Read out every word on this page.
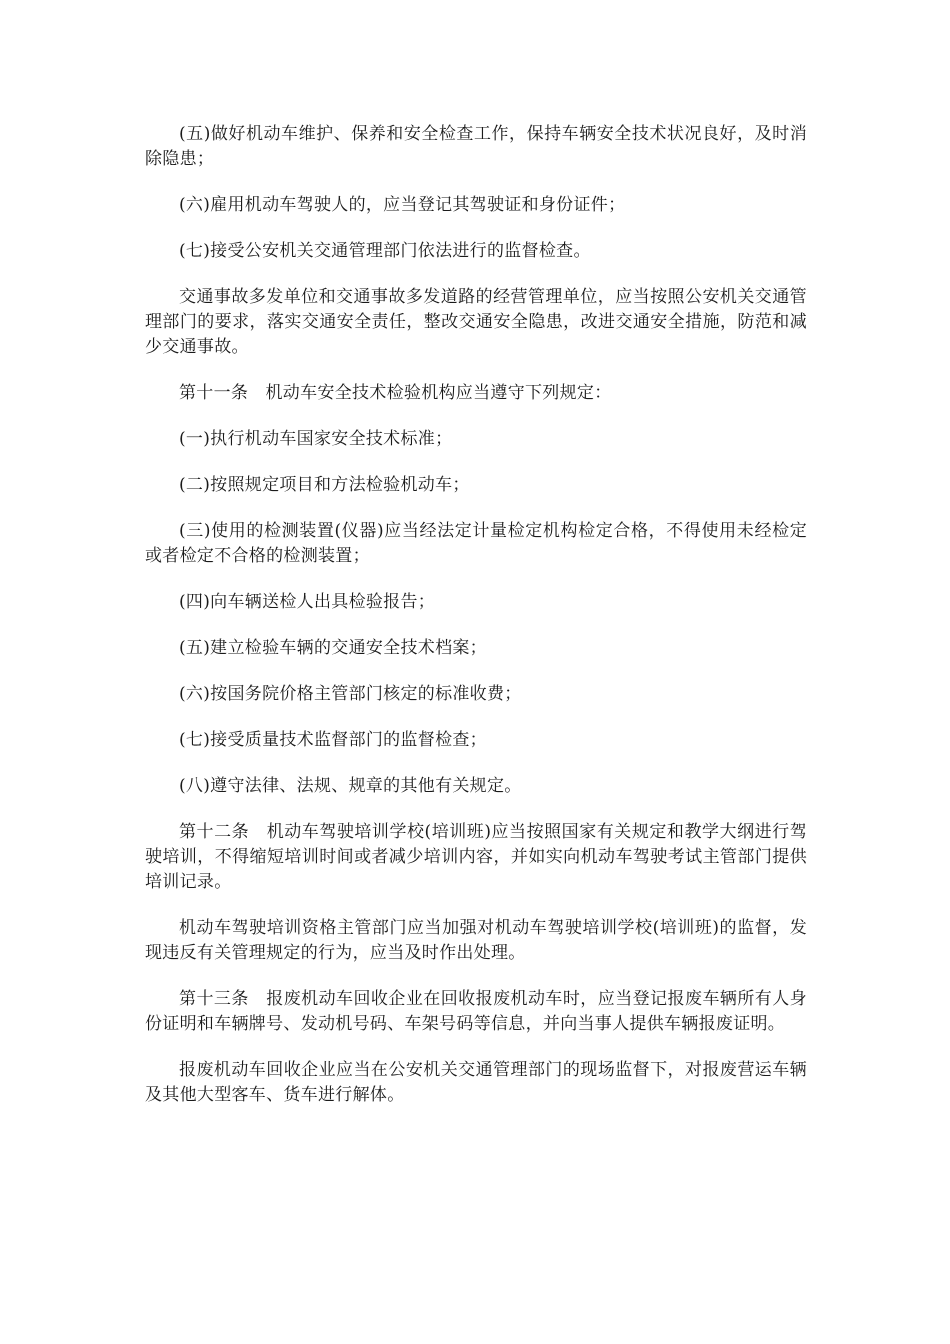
(五)做好机动车维护、保养和安全检查工作，保持车辆安全技术状况良好，及时消除隐患；

(六)雇用机动车驾驶人的，应当登记其驾驶证和身份证件；

(七)接受公安机关交通管理部门依法进行的监督检查。

交通事故多发单位和交通事故多发道路的经营管理单位，应当按照公安机关交通管理部门的要求，落实交通安全责任，整改交通安全隐患，改进交通安全措施，防范和减少交通事故。

第十一条　机动车安全技术检验机构应当遵守下列规定：

(一)执行机动车国家安全技术标准；

(二)按照规定项目和方法检验机动车；

(三)使用的检测装置(仪器)应当经法定计量检定机构检定合格，不得使用未经检定或者检定不合格的检测装置；

(四)向车辆送检人出具检验报告；

(五)建立检验车辆的交通安全技术档案；

(六)按国务院价格主管部门核定的标准收费；

(七)接受质量技术监督部门的监督检查；

(八)遵守法律、法规、规章的其他有关规定。

第十二条　机动车驾驶培训学校(培训班)应当按照国家有关规定和教学大纲进行驾驶培训，不得缩短培训时间或者减少培训内容，并如实向机动车驾驶考试主管部门提供培训记录。

机动车驾驶培训资格主管部门应当加强对机动车驾驶培训学校(培训班)的监督，发现违反有关管理规定的行为，应当及时作出处理。

第十三条　报废机动车回收企业在回收报废机动车时，应当登记报废车辆所有人身份证明和车辆牌号、发动机号码、车架号码等信息，并向当事人提供车辆报废证明。

报废机动车回收企业应当在公安机关交通管理部门的现场监督下，对报废营运车辆及其他大型客车、货车进行解体。
